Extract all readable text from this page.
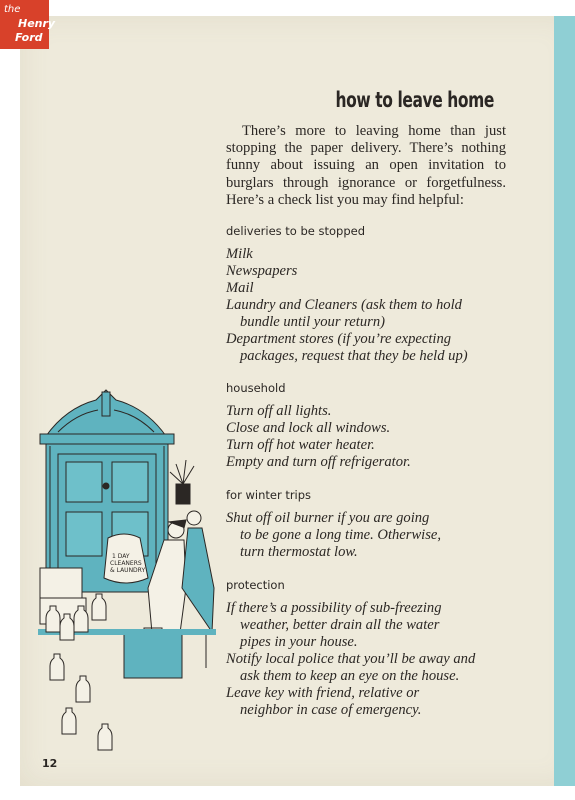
the
Henry
Ford
how to leave home

There’s more to leaving home than just stopping the paper delivery. There’s nothing funny about issuing an open invitation to burglars through ignorance or forgetfulness. Here’s a check list you may find helpful:

deliveries to be stopped
Milk
Newspapers
Mail
Laundry and Cleaners (ask them to hold
bundle until your return)
Department stores (if you’re expecting
packages, request that they be held up)
household
Turn off all lights.
Close and lock all windows.
Turn off hot water heater.
Empty and turn off refrigerator.
for winter trips
Shut off oil burner if you are going
to be gone a long time. Otherwise,
turn thermostat low.
protection
If there’s a possibility of sub-freezing
weather, better drain all the water
pipes in your house.
Notify local police that you’ll be away and
ask them to keep an eye on the house.
Leave key with friend, relative or
neighbor in case of emergency.
1 DAY
CLEANERS
& LAUNDRY
12
